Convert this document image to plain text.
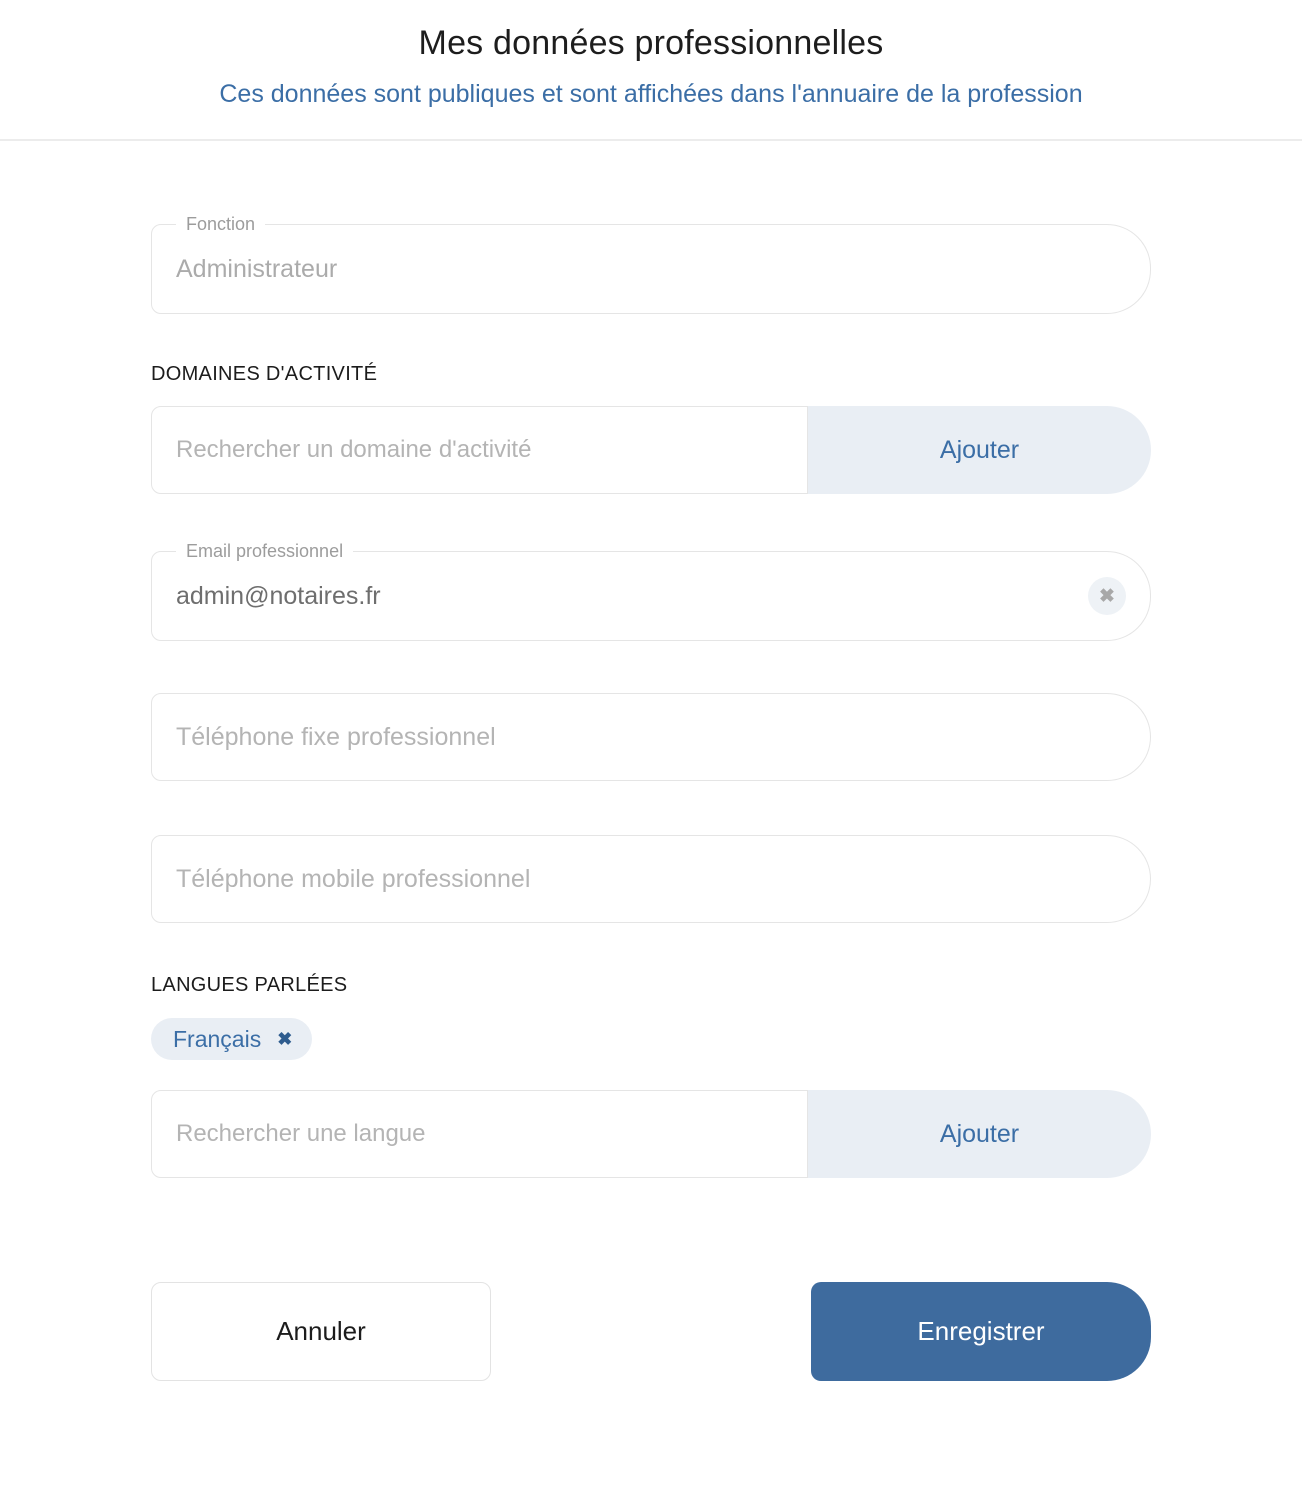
Mes données professionnelles

Ces données sont publiques et sont affichées dans l'annuaire de la profession

Fonction
Administrateur
DOMAINES D'ACTIVITÉ
Rechercher un domaine d'activité
Ajouter
Email professionnel
admin@notaires.fr
✖
Téléphone fixe professionnel
Téléphone mobile professionnel
LANGUES PARLÉES
Français ✖
Rechercher une langue
Ajouter
Annuler	Enregistrer
